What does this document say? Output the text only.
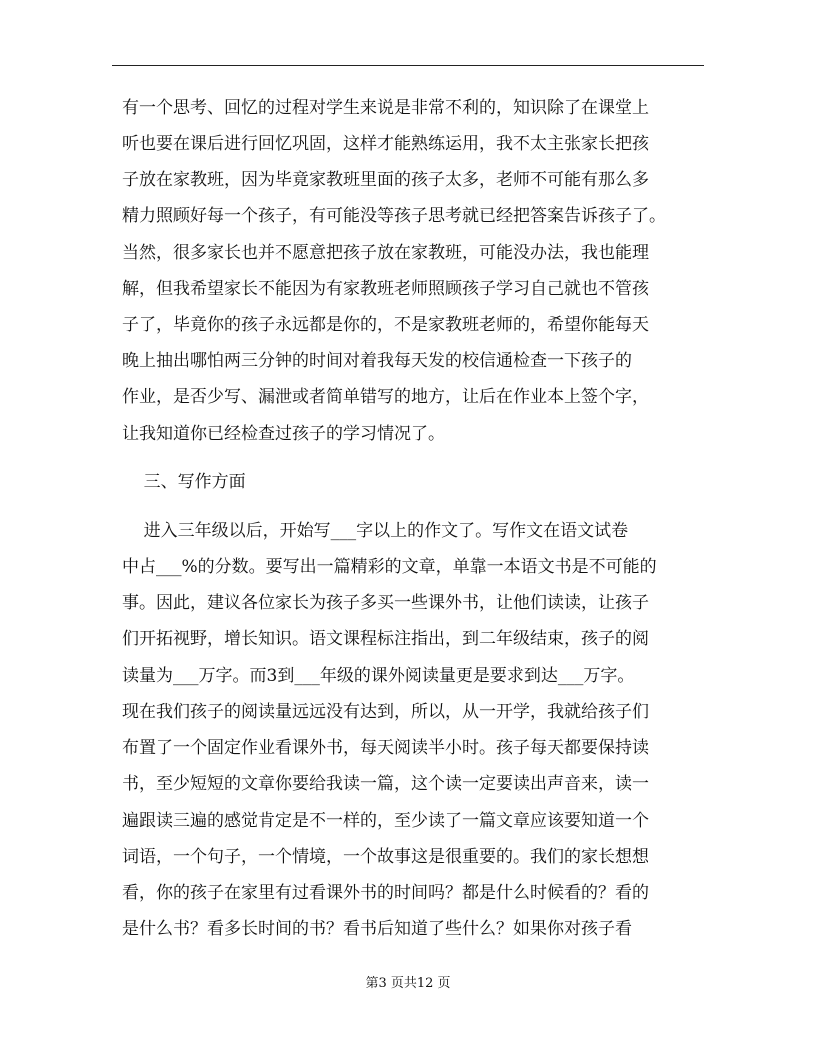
有一个思考、回忆的过程对学生来说是非常不利的，知识除了在课堂上
听也要在课后进行回忆巩固，这样才能熟练运用，我不太主张家长把孩
子放在家教班，因为毕竟家教班里面的孩子太多，老师不可能有那么多
精力照顾好每一个孩子，有可能没等孩子思考就已经把答案告诉孩子了。
当然，很多家长也并不愿意把孩子放在家教班，可能没办法，我也能理
解，但我希望家长不能因为有家教班老师照顾孩子学习自己就也不管孩
子了，毕竟你的孩子永远都是你的，不是家教班老师的，希望你能每天
晚上抽出哪怕两三分钟的时间对着我每天发的校信通检查一下孩子的
作业，是否少写、漏泄或者简单错写的地方，让后在作业本上签个字，
让我知道你已经检查过孩子的学习情况了。
三、写作方面
进入三年级以后，开始写___字以上的作文了。写作文在语文试卷
中占___%的分数。要写出一篇精彩的文章，单靠一本语文书是不可能的
事。因此，建议各位家长为孩子多买一些课外书，让他们读读，让孩子
们开拓视野，增长知识。语文课程标注指出，到二年级结束，孩子的阅
读量为___万字。而3到___年级的课外阅读量更是要求到达___万字。
现在我们孩子的阅读量远远没有达到，所以，从一开学，我就给孩子们
布置了一个固定作业看课外书，每天阅读半小时。孩子每天都要保持读
书，至少短短的文章你要给我读一篇，这个读一定要读出声音来，读一
遍跟读三遍的感觉肯定是不一样的，至少读了一篇文章应该要知道一个
词语，一个句子，一个情境，一个故事这是很重要的。我们的家长想想
看，你的孩子在家里有过看课外书的时间吗？都是什么时候看的？看的
是什么书？看多长时间的书？看书后知道了些什么？如果你对孩子看
第3 页共12 页
